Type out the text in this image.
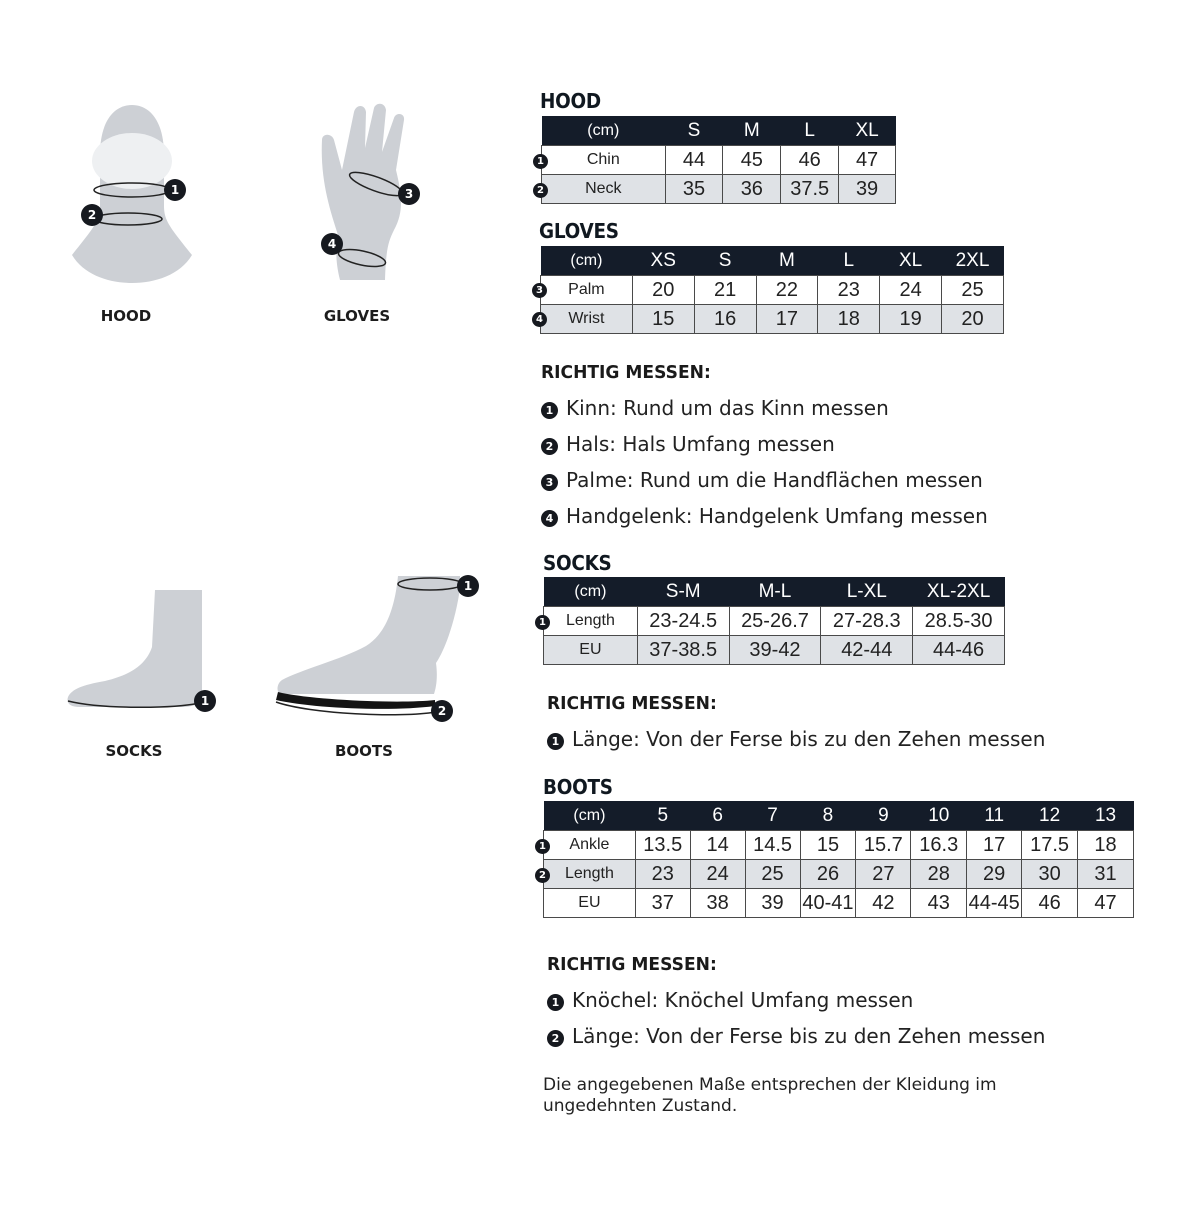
1
2
HOOD
3
4
GLOVES
1
SOCKS
1
2
BOOTS
HOOD
(cm)	S	M	L	XL
Chin	44	45	46	47
Neck	35	36	37.5	39
1
2
GLOVES
(cm)	XS	S	M	L	XL	2XL
Palm	20	21	22	23	24	25
Wrist	15	16	17	18	19	20
3
4
RICHTIG MESSEN:
1 Kinn: Rund um das Kinn messen
2 Hals: Hals Umfang messen
3 Palme: Rund um die Handflächen messen
4 Handgelenk: Handgelenk Umfang messen
SOCKS
(cm)	S-M	M-L	L-XL	XL-2XL
Length	23-24.5	25-26.7	27-28.3	28.5-30
EU	37-38.5	39-42	42-44	44-46
1
RICHTIG MESSEN:
1 Länge: Von der Ferse bis zu den Zehen messen
BOOTS
(cm)	5	6	7	8	9	10	11	12	13
Ankle	13.5	14	14.5	15	15.7	16.3	17	17.5	18
Length	23	24	25	26	27	28	29	30	31
EU	37	38	39	40-41	42	43	44-45	46	47
1
2
RICHTIG MESSEN:
1 Knöchel: Knöchel Umfang messen
2 Länge: Von der Ferse bis zu den Zehen messen
Die angegebenen Maße entsprechen der Kleidung im ungedehnten Zustand.
